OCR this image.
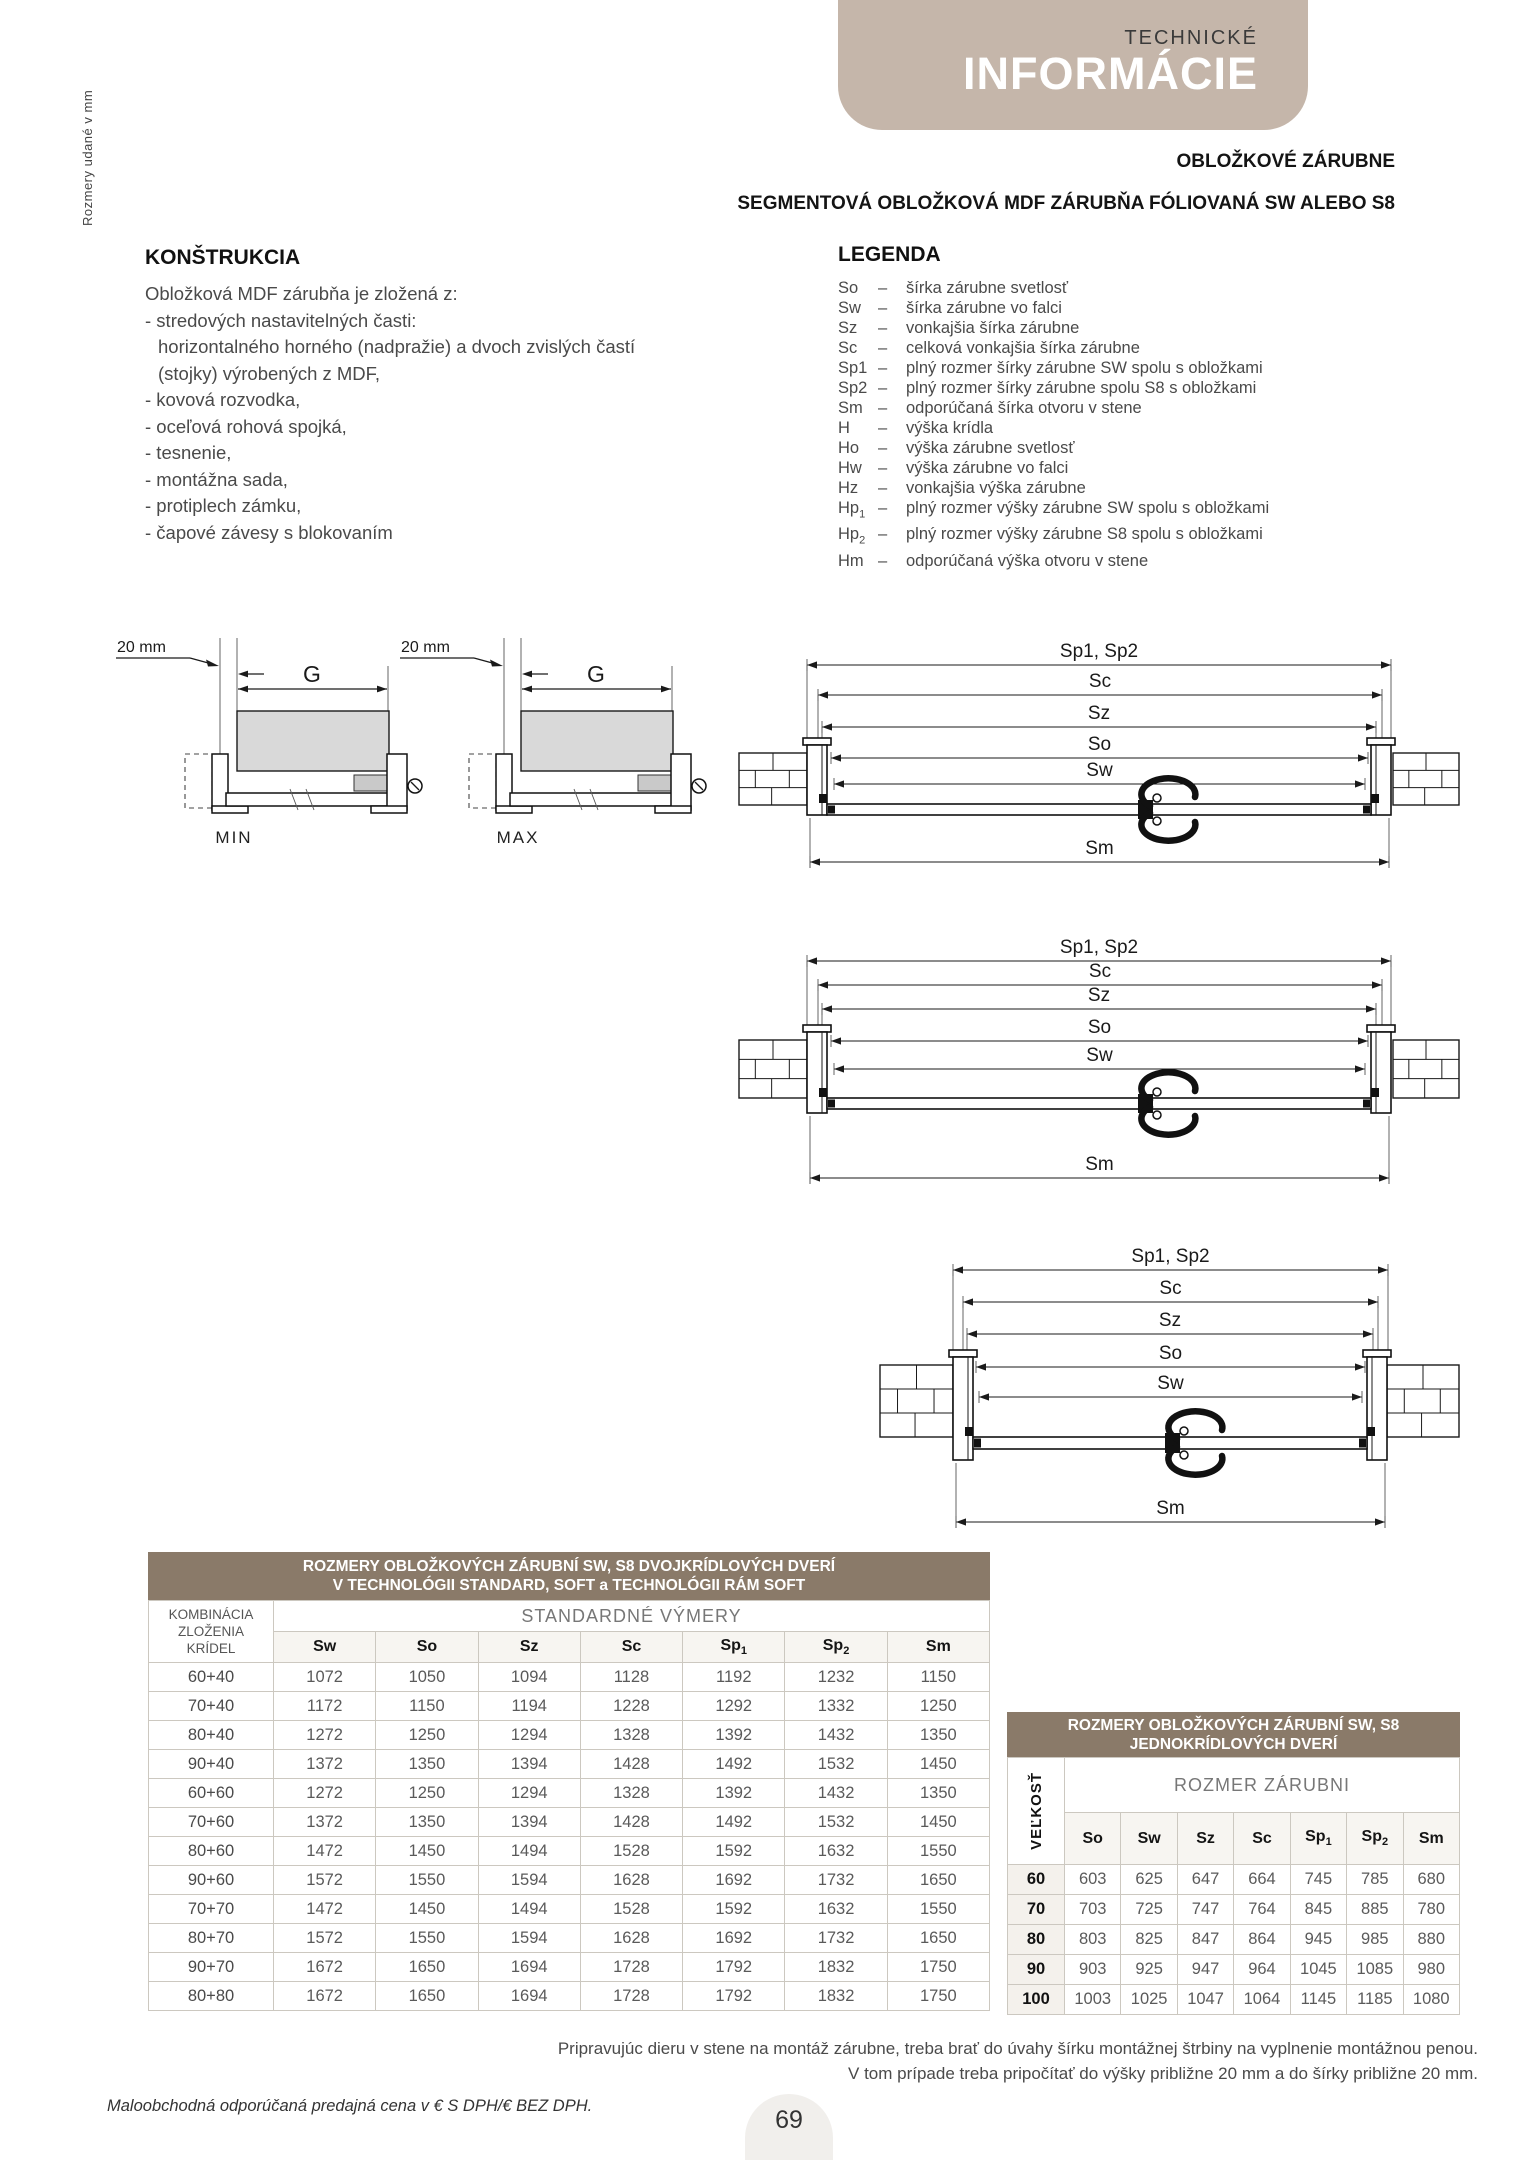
Rozmery udané v mm
TECHNICKÉ
INFORMÁCIE
OBLOŽKOVÉ ZÁRUBNE
SEGMENTOVÁ OBLOŽKOVÁ MDF ZÁRUBŇA FÓLIOVANÁ SW ALEBO S8
KONŠTRUKCIA
Obložková MDF zárubňa je zložená z:
- stredových nastavitelných časti:
horizontalného horného (nadpražie) a dvoch zvislých častí
(stojky) výrobených z MDF,
- kovová rozvodka,
- oceľová rohová spojká,
- tesnenie,
- montážna sada,
- protiplech zámku,
- čapové závesy s blokovaním
LEGENDA
So	–	šírka zárubne svetlosť
Sw	–	šírka zárubne vo falci
Sz	–	vonkajšia šírka zárubne
Sc	–	celková vonkajšia šírka zárubne
Sp1 –	plný rozmer šírky zárubne SW spolu s obložkami
Sp2 –	plný rozmer šírky zárubne spolu S8 s obložkami
Sm –	odporúčaná šírka otvoru v stene
H	–	výška krídla
Ho	–	výška zárubne svetlosť
Hw –	výška zárubne vo falci
Hz	–	vonkajšia výška zárubne
$Hp_1$ –	plný rozmer výšky zárubne SW spolu s obložkami
$Hp_2$ –	plný rozmer výšky zárubne S8 spolu s obložkami
Hm –	odporúčaná výška otvoru v stene
20 mm
G
MIN
20 mm
G
MAX
Sp1, Sp2
Sc
Sz
So
Sw
Sm
Sp1, Sp2
Sc
Sz
So
Sw
Sm
Sp1, Sp2
Sc
Sz
So
Sw
Sm
ROZMERY OBLOŽKOVÝCH ZÁRUBNÍ SW, S8 DVOJKRÍDLOVÝCH DVERÍ
V TECHNOLÓGII STANDARD, SOFT a TECHNOLÓGII RÁM SOFT
KOMBINÁCIA ZLOŽENIA KRÍDEL	STANDARDNÉ VÝMERY						
	Sw	So	Sz	Sc	$Sp_1$	$Sp_2$	Sm
60+40	1072	1050	1094	1128	1192	1232	1150
70+40	1172	1150	1194	1228	1292	1332	1250
80+40	1272	1250	1294	1328	1392	1432	1350
90+40	1372	1350	1394	1428	1492	1532	1450
60+60	1272	1250	1294	1328	1392	1432	1350
70+60	1372	1350	1394	1428	1492	1532	1450
80+60	1472	1450	1494	1528	1592	1632	1550
90+60	1572	1550	1594	1628	1692	1732	1650
70+70	1472	1450	1494	1528	1592	1632	1550
80+70	1572	1550	1594	1628	1692	1732	1650
90+70	1672	1650	1694	1728	1792	1832	1750
80+80	1672	1650	1694	1728	1792	1832	1750
ROZMERY OBLOŽKOVÝCH ZÁRUBNÍ SW, S8
JEDNOKRÍDLOVÝCH DVERÍ
VEĽKOSŤ	ROZMER ZÁRUBNI						
	So	Sw	Sz	Sc	$Sp_1$	$Sp_2$	Sm
60	603	625	647	664	745	785	680
70	703	725	747	764	845	885	780
80	803	825	847	864	945	985	880
90	903	925	947	964	1045	1085	980
100	1003	1025	1047	1064	1145	1185	1080
Pripravujúc dieru v stene na montáž zárubne, treba brať do úvahy šírku montážnej štrbiny na vyplnenie montážnou penou.
V tom prípade treba pripočítať do výšky približne 20 mm a do šírky približne 20 mm.
Maloobchodná odporúčaná predajná cena v € S DPH/€ BEZ DPH.	69
